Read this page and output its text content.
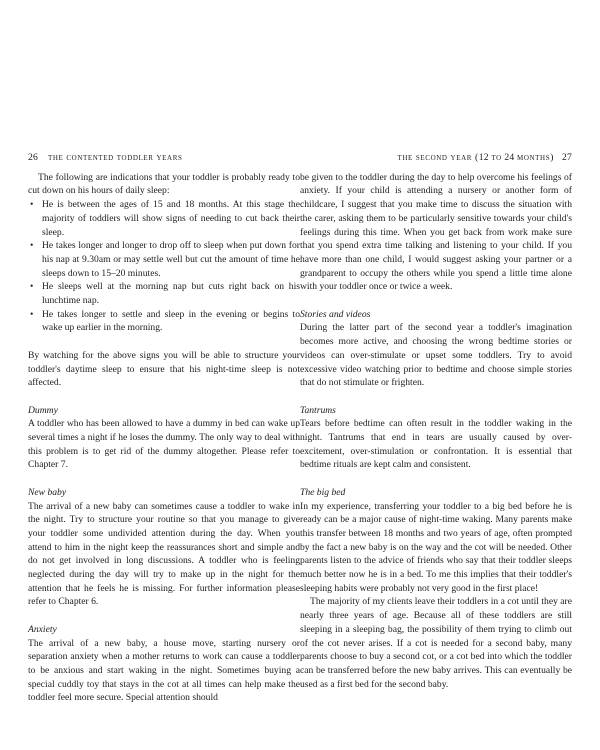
26 the contented toddler years

The following are indications that your toddler is probably ready to cut down on his hours of daily sleep:

• He is between the ages of 15 and 18 months. At this stage the majority of toddlers will show signs of needing to cut back their sleep.
• He takes longer and longer to drop off to sleep when put down for his nap at 9.30am or may settle well but cut the amount of time he sleeps down to 15–20 minutes.
• He sleeps well at the morning nap but cuts right back on his lunchtime nap.
• He takes longer to settle and sleep in the evening or begins to wake up earlier in the morning.

By watching for the above signs you will be able to structure your toddler's daytime sleep to ensure that his night-time sleep is not affected.

Dummy

A toddler who has been allowed to have a dummy in bed can wake up several times a night if he loses the dummy. The only way to deal with this problem is to get rid of the dummy altogether. Please refer to Chapter 7.

New baby

The arrival of a new baby can sometimes cause a toddler to wake in the night. Try to structure your routine so that you manage to give your toddler some undivided attention during the day. When you attend to him in the night keep the reassurances short and simple and do not get involved in long discussions. A toddler who is feeling neglected during the day will try to make up in the night for the attention that he feels he is missing. For further information please refer to Chapter 6.

Anxiety

The arrival of a new baby, a house move, starting nursery or separation anxiety when a mother returns to work can cause a toddler to be anxious and start waking in the night. Sometimes buying a special cuddly toy that stays in the cot at all times can help make the toddler feel more secure. Special attention should

the second year (12 to 24 months) 27

be given to the toddler during the day to help overcome his feelings of anxiety. If your child is attending a nursery or another form of childcare, I suggest that you make time to discuss the situation with the carer, asking them to be particularly sensitive towards your child's feelings during this time. When you get back from work make sure that you spend extra time talking and listening to your child. If you have more than one child, I would suggest asking your partner or a grandparent to occupy the others while you spend a little time alone with your toddler once or twice a week.

Stories and videos

During the latter part of the second year a toddler's imagination becomes more active, and choosing the wrong bedtime stories or videos can over-stimulate or upset some toddlers. Try to avoid excessive video watching prior to bedtime and choose simple stories that do not stimulate or frighten.

Tantrums

Tears before bedtime can often result in the toddler waking in the night. Tantrums that end in tears are usually caused by over-excitement, over-stimulation or confrontation. It is essential that bedtime rituals are kept calm and consistent.

The big bed

In my experience, transferring your toddler to a big bed before he is ready can be a major cause of night-time waking. Many parents make this transfer between 18 months and two years of age, often prompted by the fact a new baby is on the way and the cot will be needed. Other parents listen to the advice of friends who say that their toddler sleeps much better now he is in a bed. To me this implies that their toddler's sleeping habits were probably not very good in the first place!

The majority of my clients leave their toddlers in a cot until they are nearly three years of age. Because all of these toddlers are still sleeping in a sleeping bag, the possibility of them trying to climb out of the cot never arises. If a cot is needed for a second baby, many parents choose to buy a second cot, or a cot bed into which the toddler can be transferred before the new baby arrives. This can eventually be used as a first bed for the second baby.
